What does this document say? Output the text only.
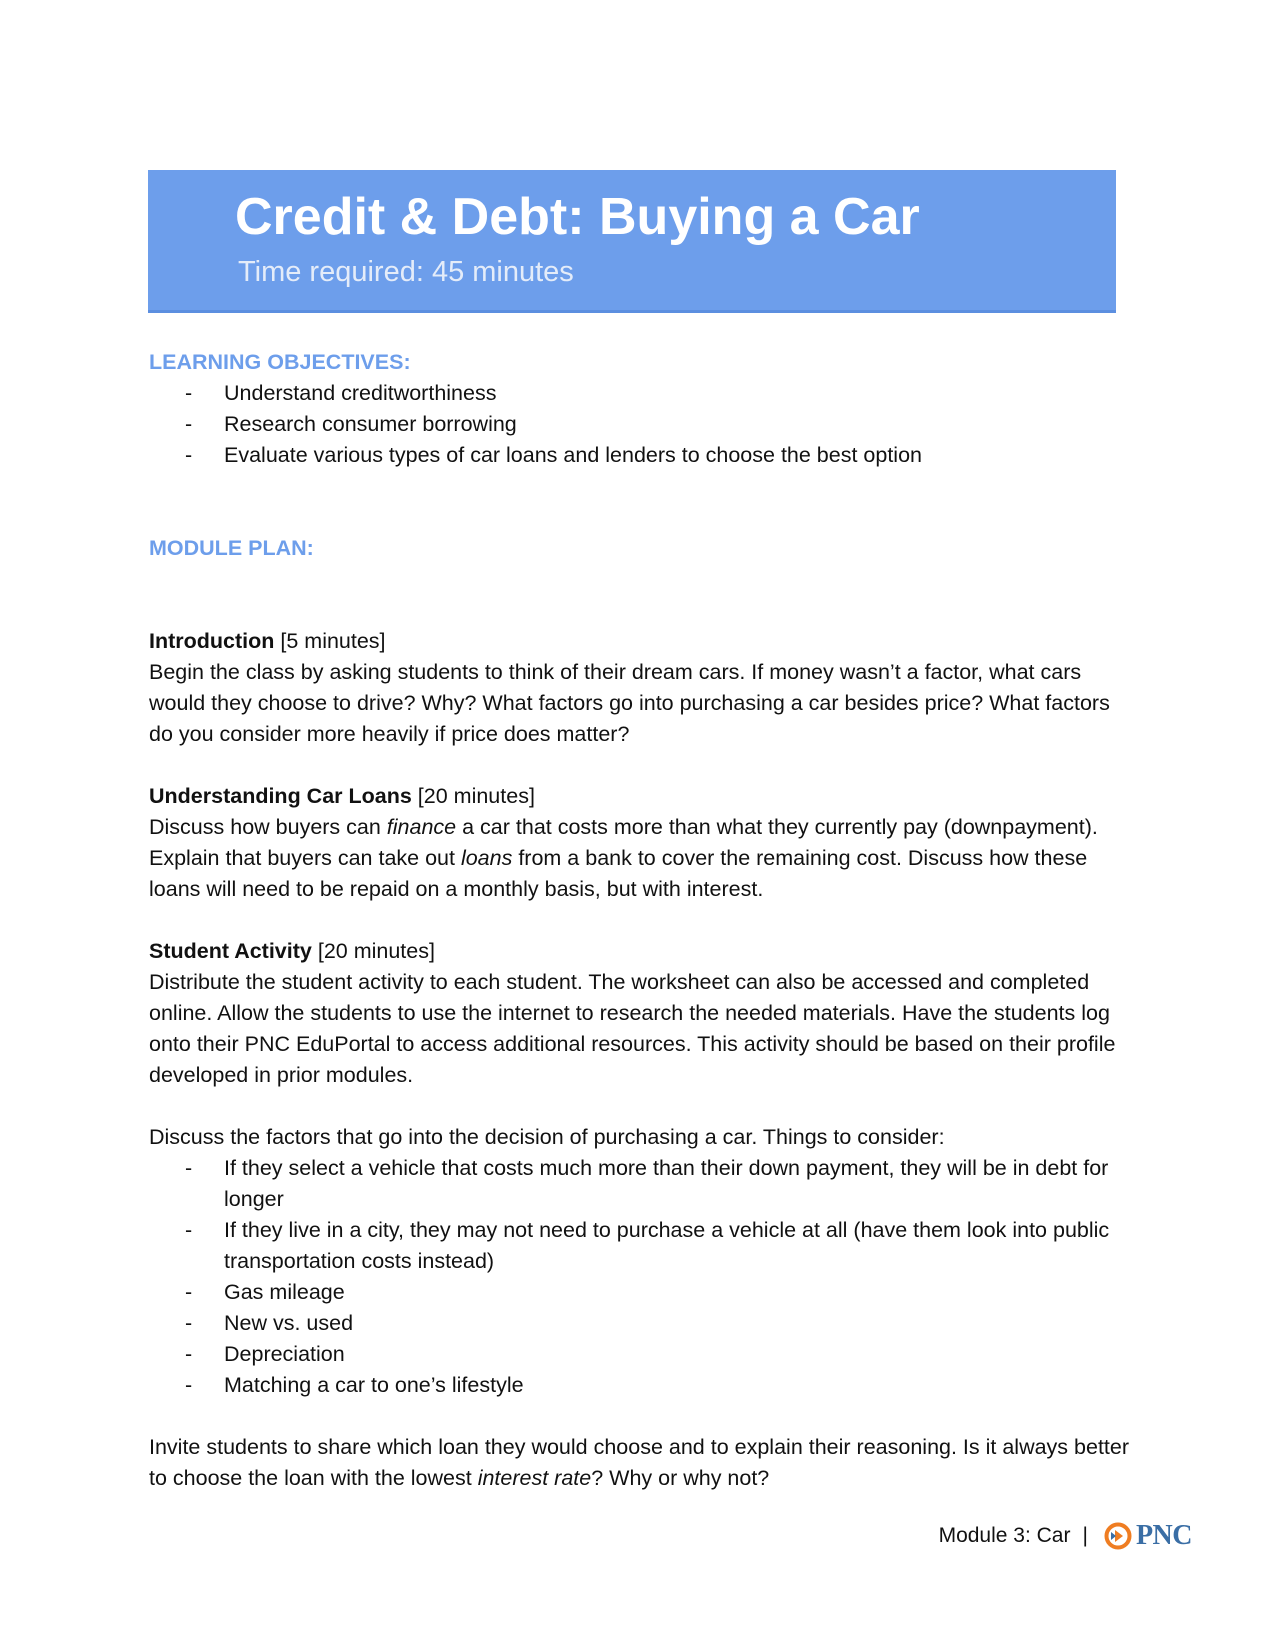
Credit & Debt: Buying a Car
Time required: 45 minutes
LEARNING OBJECTIVES:
- Understand creditworthiness
- Research consumer borrowing
- Evaluate various types of car loans and lenders to choose the best option
MODULE PLAN:

Introduction [5 minutes]

Begin the class by asking students to think of their dream cars. If money wasn’t a factor, what cars would they choose to drive? Why? What factors go into purchasing a car besides price? What factors do you consider more heavily if price does matter?

Understanding Car Loans [20 minutes]

Discuss how buyers can finance a car that costs more than what they currently pay (downpayment). Explain that buyers can take out loans from a bank to cover the remaining cost. Discuss how these loans will need to be repaid on a monthly basis, but with interest.

Student Activity [20 minutes]

Distribute the student activity to each student. The worksheet can also be accessed and completed online. Allow the students to use the internet to research the needed materials. Have the students log onto their PNC EduPortal to access additional resources. This activity should be based on their profile developed in prior modules.

Discuss the factors that go into the decision of purchasing a car. Things to consider:

- If they select a vehicle that costs much more than their down payment, they will be in debt for longer
- If they live in a city, they may not need to purchase a vehicle at all (have them look into public transportation costs instead)
- Gas mileage
- New vs. used
- Depreciation
- Matching a car to one’s lifestyle

Invite students to share which loan they would choose and to explain their reasoning. Is it always better to choose the loan with the lowest interest rate? Why or why not?

Module 3: Car | PNC
